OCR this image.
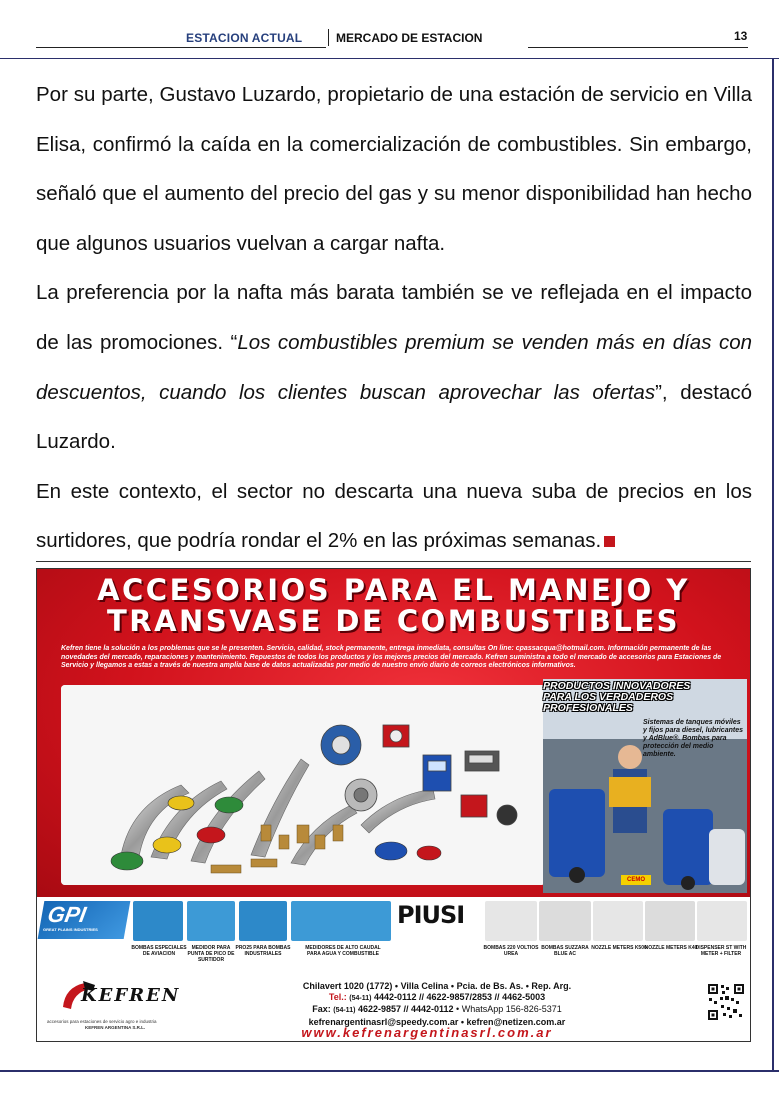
ESTACION ACTUAL	MERCADO DE ESTACION	13

Por su parte, Gustavo Luzardo, propietario de una estación de servicio en Villa Elisa, confirmó la caída en la comercialización de combustibles. Sin embargo, señaló que el aumento del precio del gas y su menor disponibilidad han hecho que algunos usuarios vuelvan a cargar nafta.

La preferencia por la nafta más barata también se ve reflejada en el impacto de las promociones. “Los combustibles premium se venden más en días con descuentos, cuando los clientes buscan aprovechar las ofertas”, destacó Luzardo.

En este contexto, el sector no descarta una nueva suba de precios en los surtidores, que podría rondar el 2% en las próximas semanas.

ACCESORIOS PARA EL MANEJO Y
TRANSVASE DE COMBUSTIBLES
Kefren tiene la solución a los problemas que se le presenten. Servicio, calidad, stock permanente, entrega inmediata, consultas On line: cpassacqua@hotmail.com. Información permanente de las novedades del mercado, reparaciones y mantenimiento. Repuestos de todos los productos y los mejores precios del mercado. Kefren suministra a todo el mercado de accesorios para Estaciones de Servicio y llegamos a estas a través de nuestra amplia base de datos actualizadas por medio de nuestro envío diario de correos electrónicos informativos.
PRODUCTOS INNOVADORES
PARA LOS VERDADEROS
PROFESIONALES
Sistemas de tanques móviles y fijos para diesel, lubricantes y AdBlue®. Bombas para protección del medio ambiente.
CEMO
GPI
GREAT PLAINS INDUSTRIES
PIUSI
BOMBAS ESPECIALES DE AVIACION
MEDIDOR PARA PUNTA DE PICO DE SURTIDOR
PRO25 PARA BOMBAS INDUSTRIALES
MEDIDORES DE ALTO CAUDAL PARA AGUA Y COMBUSTIBLE
BOMBAS 220 VOLTIOS UREA
BOMBAS SUZZARA BLUE AC
NOZZLE METERS K500
NOZZLE METERS K40
DISPENSER ST WITH METER + FILTER
KEFREN
accesorios para estaciones de servicio agro e industria
KEFREN ARGENTINA S.R.L.
Chilavert 1020 (1772) • Villa Celina • Pcia. de Bs. As. • Rep. Arg.
Tel.: (54-11) 4442-0112 // 4622-9857/2853 // 4462-5003
Fax: (54-11) 4622-9857 // 4442-0112 • WhatsApp 156-826-5371
kefrenargentinasrl@speedy.com.ar • kefren@netizen.com.ar
www.kefrenargentinasrl.com.ar
